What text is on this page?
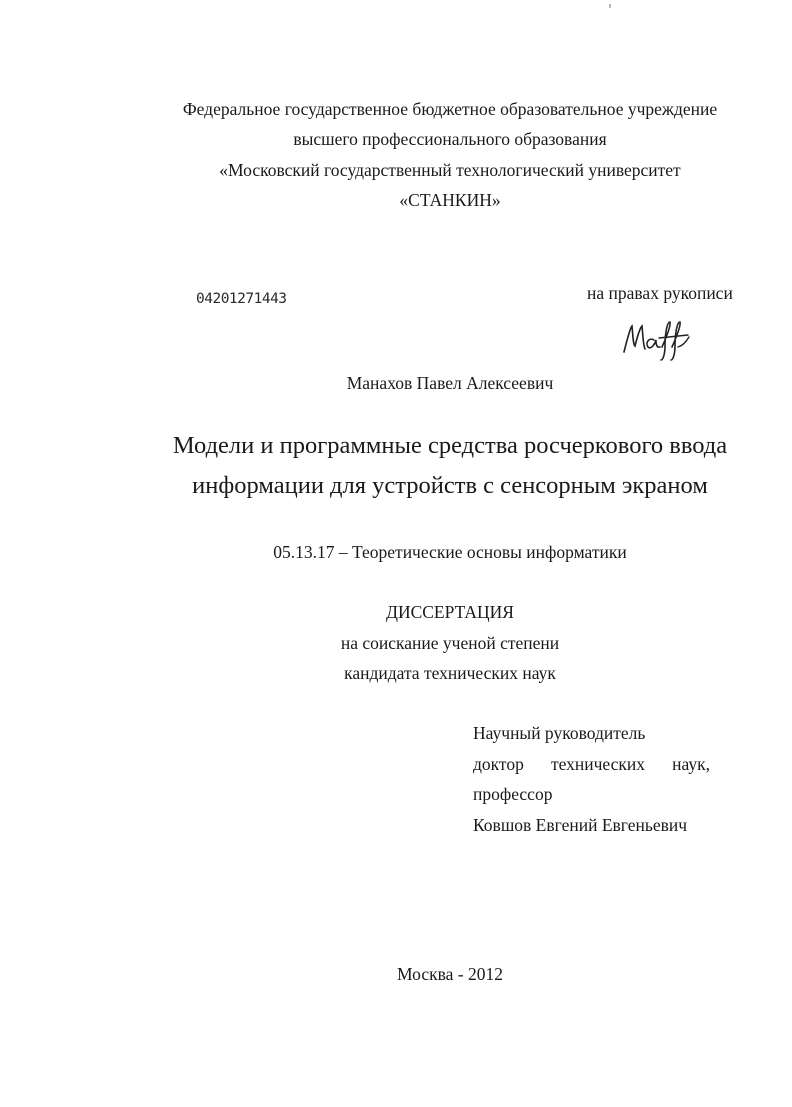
Федеральное государственное бюджетное образовательное учреждение
высшего профессионального образования
«Московский государственный технологический университет
«СТАНКИН»
04201271443	на правах рукописи
Манахов Павел Алексеевич
Модели и программные средства росчеркового ввода
информации для устройств с сенсорным экраном
05.13.17 – Теоретические основы информатики
ДИССЕРТАЦИЯ
на соискание ученой степени
кандидата технических наук
Научный руководитель
доктор технических наук,
профессор
Ковшов Евгений Евгеньевич
Москва - 2012
